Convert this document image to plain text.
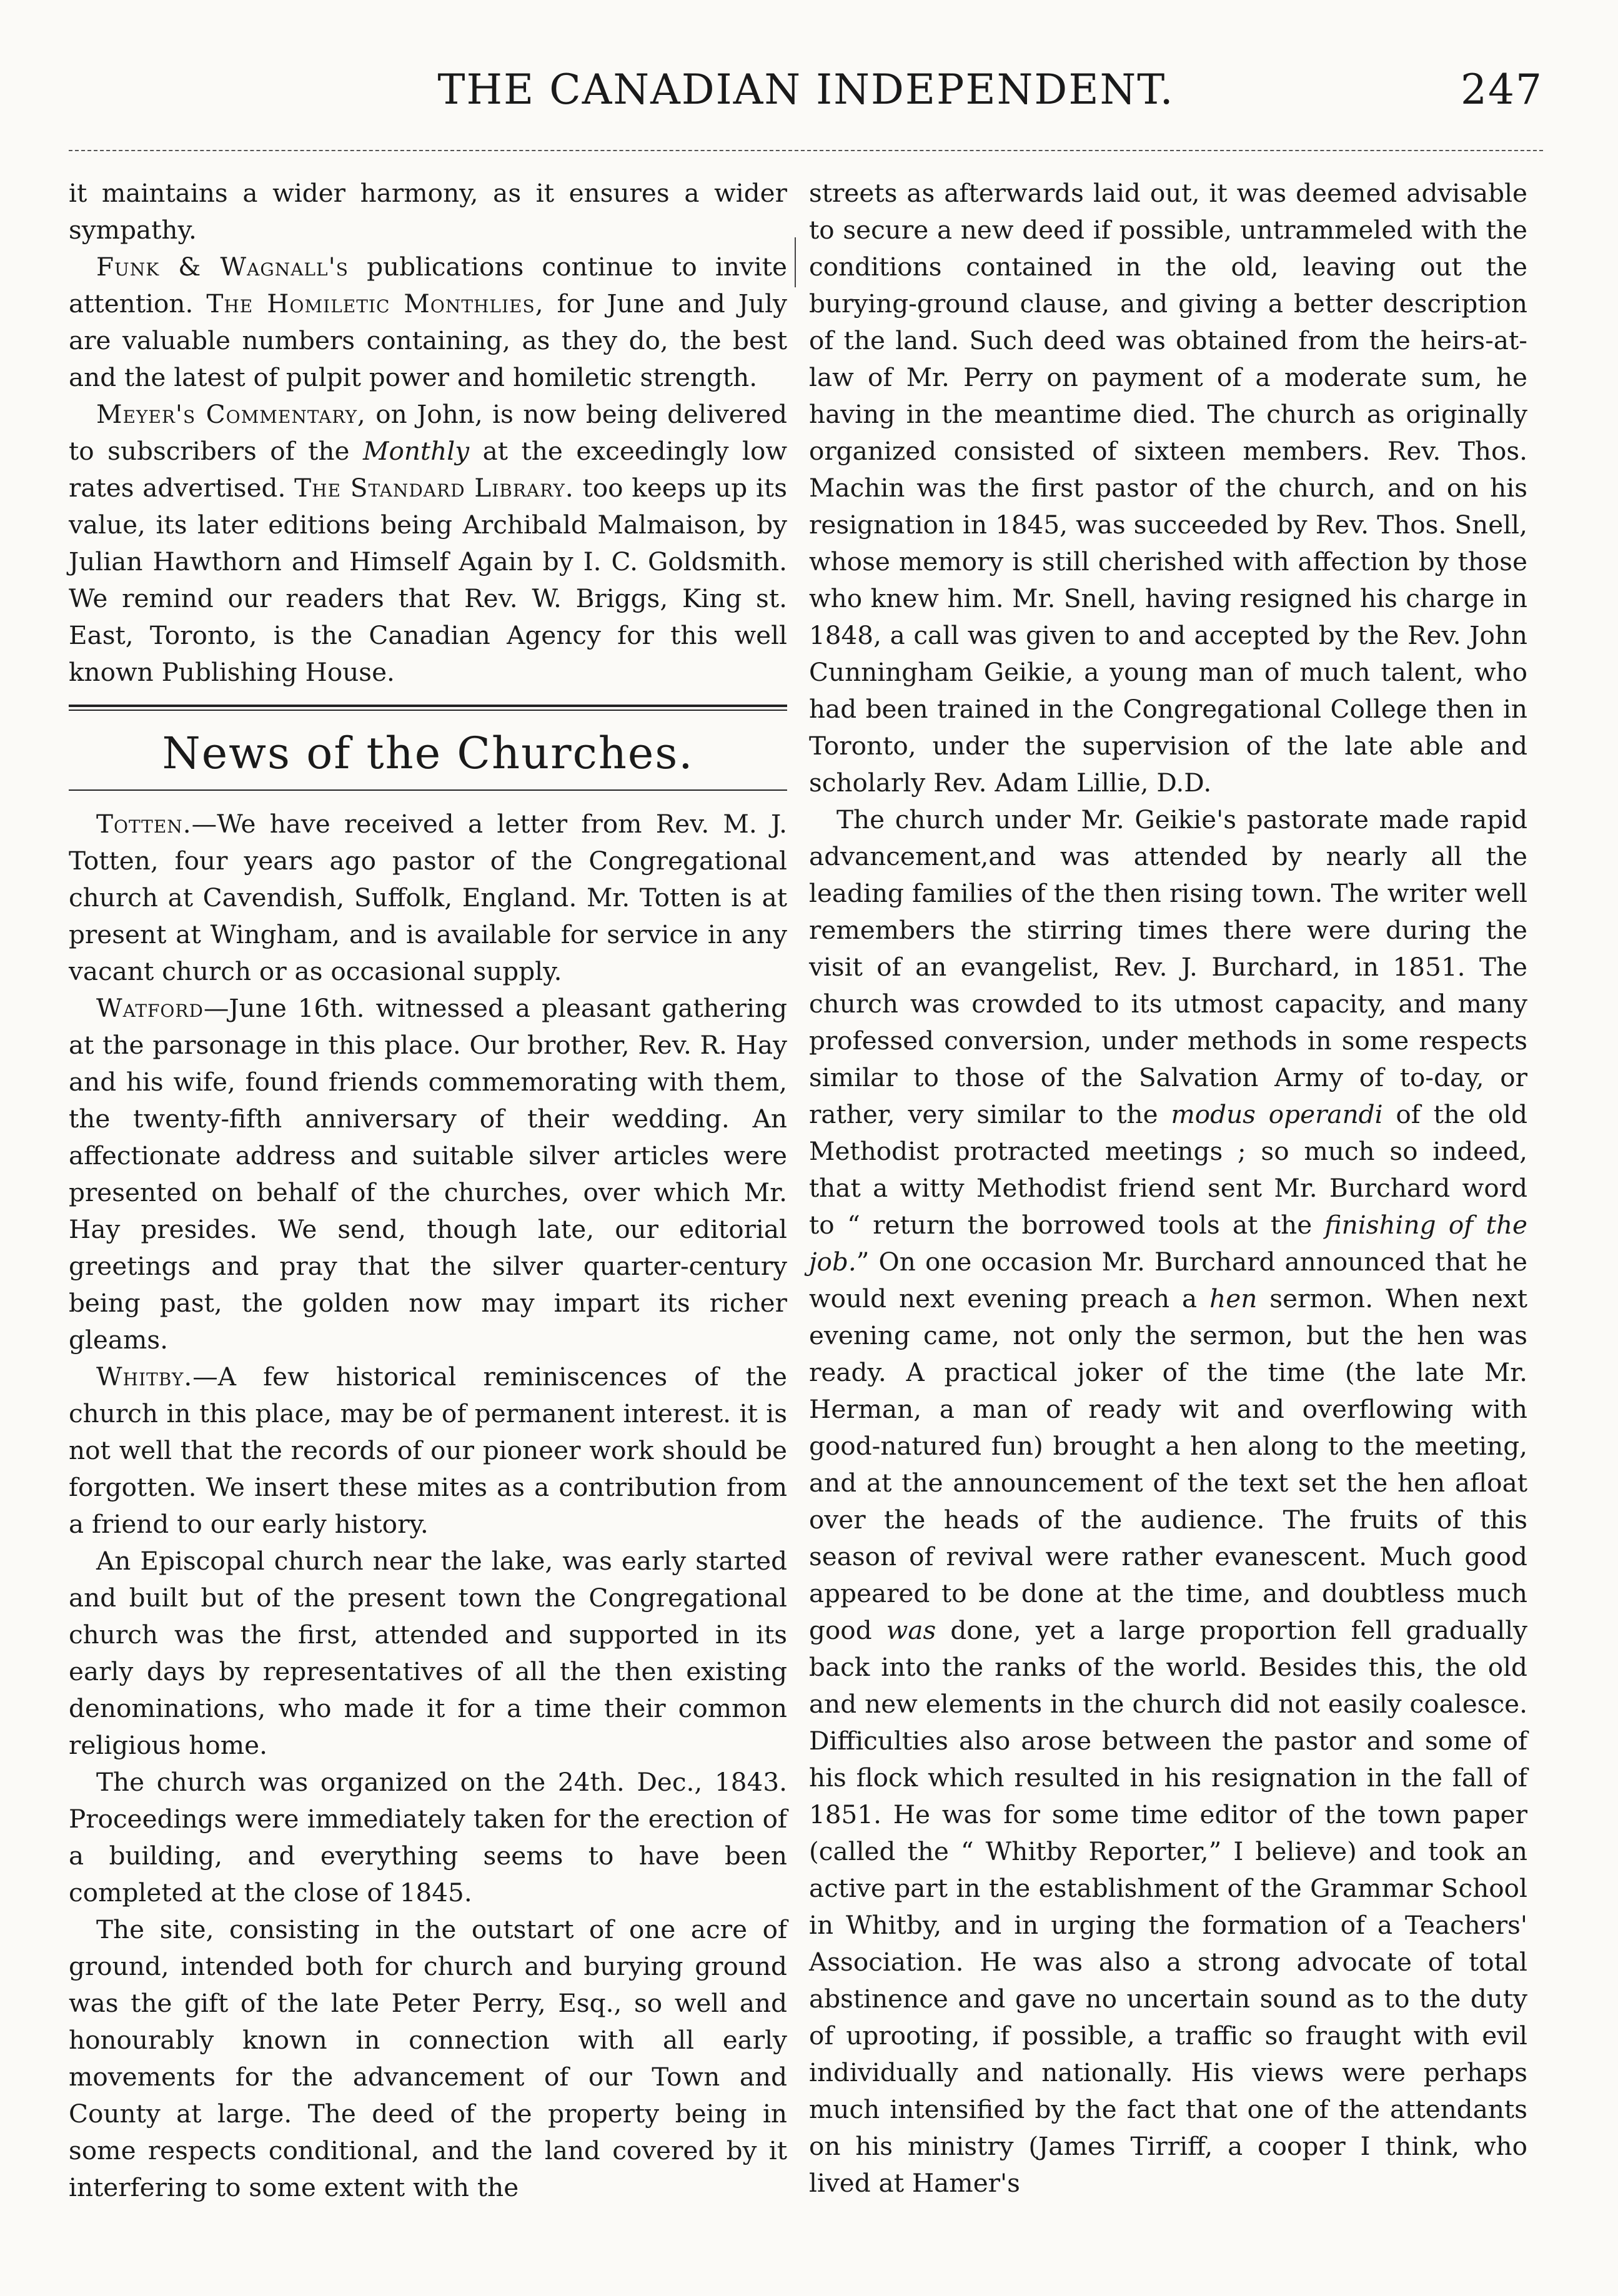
THE CANADIAN INDEPENDENT.	247

it maintains a wider harmony, as it ensures a wider sympathy.

Funk & Wagnall's publications continue to invite attention. The Homiletic Monthlies, for June and July are valuable numbers containing, as they do, the best and the latest of pulpit power and homiletic strength.

Meyer's Commentary, on John, is now being delivered to subscribers of the Monthly at the exceedingly low rates advertised. The Standard Library. too keeps up its value, its later editions being Archibald Malmaison, by Julian Hawthorn and Himself Again by I. C. Goldsmith. We remind our readers that Rev. W. Briggs, King st. East, Toronto, is the Canadian Agency for this well known Publishing House.

News of the Churches.

Totten.—We have received a letter from Rev. M. J. Totten, four years ago pastor of the Congregational church at Cavendish, Suffolk, England. Mr. Totten is at present at Wingham, and is available for service in any vacant church or as occasional supply.

Watford—June 16th. witnessed a pleasant gathering at the parsonage in this place. Our brother, Rev. R. Hay and his wife, found friends commemorating with them, the twenty-fifth anniversary of their wedding. An affectionate address and suitable silver articles were presented on behalf of the churches, over which Mr. Hay presides. We send, though late, our editorial greetings and pray that the silver quarter-century being past, the golden now may impart its richer gleams.

Whitby.—A few historical reminiscences of the church in this place, may be of permanent interest. it is not well that the records of our pioneer work should be forgotten. We insert these mites as a contribution from a friend to our early history.

An Episcopal church near the lake, was early started and built but of the present town the Congregational church was the first, attended and supported in its early days by representatives of all the then existing denominations, who made it for a time their common religious home.

The church was organized on the 24th. Dec., 1843. Proceedings were immediately taken for the erection of a building, and everything seems to have been completed at the close of 1845.

The site, consisting in the outstart of one acre of ground, intended both for church and burying ground was the gift of the late Peter Perry, Esq., so well and honourably known in connection with all early movements for the advancement of our Town and County at large. The deed of the property being in some respects conditional, and the land covered by it interfering to some extent with the

streets as afterwards laid out, it was deemed advisable to secure a new deed if possible, untrammeled with the conditions contained in the old, leaving out the burying-ground clause, and giving a better description of the land. Such deed was obtained from the heirs-at-law of Mr. Perry on payment of a moderate sum, he having in the meantime died. The church as originally organized consisted of sixteen members. Rev. Thos. Machin was the first pastor of the church, and on his resignation in 1845, was succeeded by Rev. Thos. Snell, whose memory is still cherished with affection by those who knew him. Mr. Snell, having resigned his charge in 1848, a call was given to and accepted by the Rev. John Cunningham Geikie, a young man of much talent, who had been trained in the Congregational College then in Toronto, under the supervision of the late able and scholarly Rev. Adam Lillie, D.D.

The church under Mr. Geikie's pastorate made rapid advancement,and was attended by nearly all the leading families of the then rising town. The writer well remembers the stirring times there were during the visit of an evangelist, Rev. J. Burchard, in 1851. The church was crowded to its utmost capacity, and many professed conversion, under methods in some respects similar to those of the Salvation Army of to-day, or rather, very similar to the modus operandi of the old Methodist protracted meetings ; so much so indeed, that a witty Methodist friend sent Mr. Burchard word to “ return the borrowed tools at the finishing of the job.” On one occasion Mr. Burchard announced that he would next evening preach a hen sermon. When next evening came, not only the sermon, but the hen was ready. A practical joker of the time (the late Mr. Herman, a man of ready wit and overflowing with good-natured fun) brought a hen along to the meeting, and at the announcement of the text set the hen afloat over the heads of the audience. The fruits of this season of revival were rather evanescent. Much good appeared to be done at the time, and doubtless much good was done, yet a large proportion fell gradually back into the ranks of the world. Besides this, the old and new elements in the church did not easily coalesce. Difficulties also arose between the pastor and some of his flock which resulted in his resignation in the fall of 1851. He was for some time editor of the town paper (called the “ Whitby Reporter,” I believe) and took an active part in the establishment of the Grammar School in Whitby, and in urging the formation of a Teachers' Association. He was also a strong advocate of total abstinence and gave no uncertain sound as to the duty of uprooting, if possible, a traffic so fraught with evil individually and nationally. His views were perhaps much intensified by the fact that one of the attendants on his ministry (James Tirriff, a cooper I think, who lived at Hamer's
